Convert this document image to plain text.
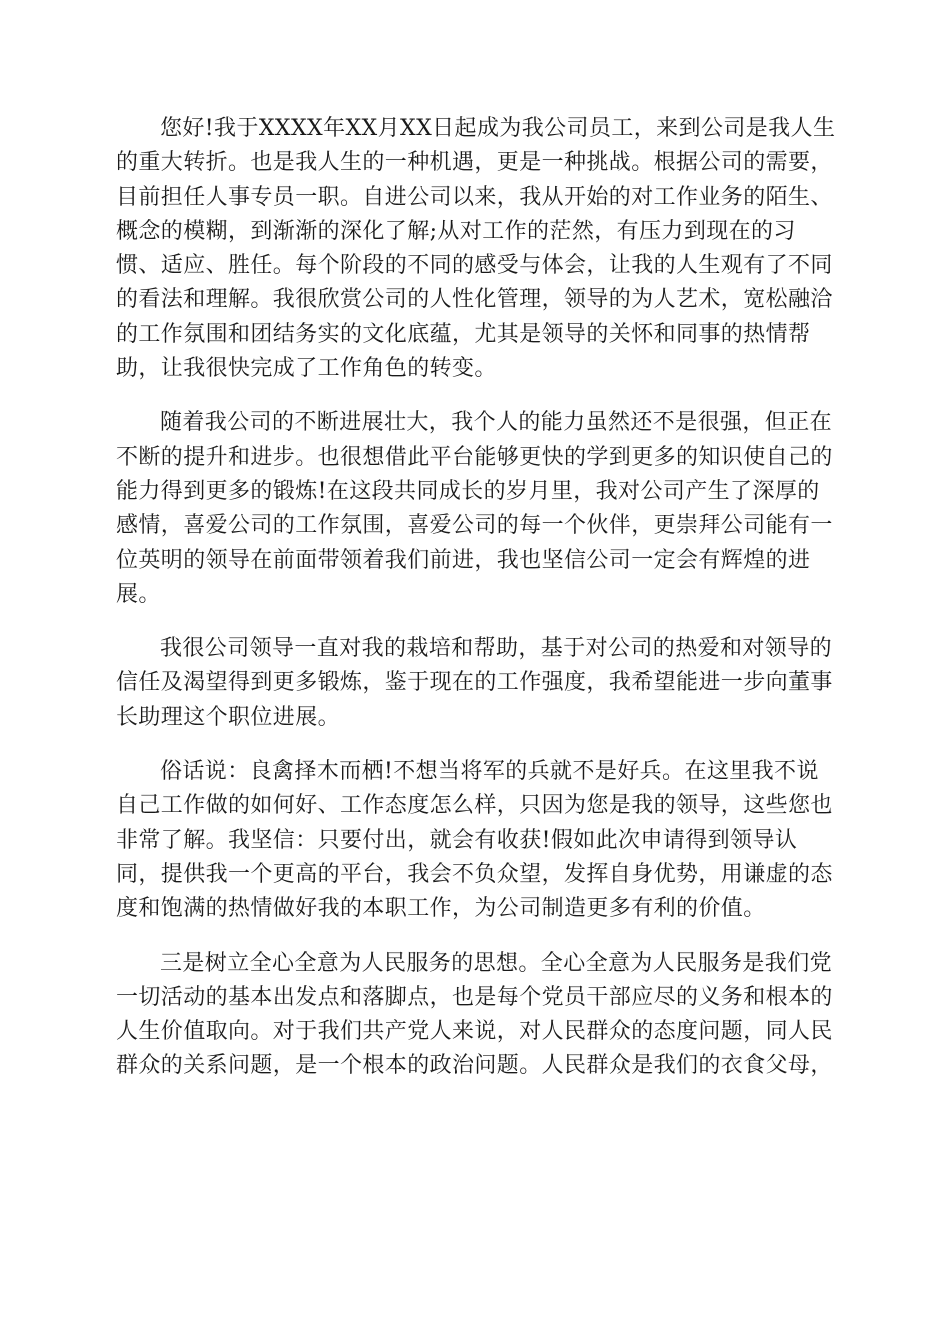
您好!我于XXXX年XX月XX日起成为我公司员工，来到公司是我人生
的重大转折。也是我人生的一种机遇，更是一种挑战。根据公司的需要，
目前担任人事专员一职。自进公司以来，我从开始的对工作业务的陌生、
概念的模糊，到渐渐的深化了解;从对工作的茫然，有压力到现在的习
惯、适应、胜任。每个阶段的不同的感受与体会，让我的人生观有了不同
的看法和理解。我很欣赏公司的人性化管理，领导的为人艺术，宽松融洽
的工作氛围和团结务实的文化底蕴，尤其是领导的关怀和同事的热情帮
助，让我很快完成了工作角色的转变。

随着我公司的不断进展壮大，我个人的能力虽然还不是很强，但正在
不断的提升和进步。也很想借此平台能够更快的学到更多的知识使自己的
能力得到更多的锻炼!在这段共同成长的岁月里，我对公司产生了深厚的
感情，喜爱公司的工作氛围，喜爱公司的每一个伙伴，更崇拜公司能有一
位英明的领导在前面带领着我们前进，我也坚信公司一定会有辉煌的进
展。

我很公司领导一直对我的栽培和帮助，基于对公司的热爱和对领导的
信任及渴望得到更多锻炼，鉴于现在的工作强度，我希望能进一步向董事
长助理这个职位进展。

俗话说：良禽择木而栖!不想当将军的兵就不是好兵。在这里我不说
自己工作做的如何好、工作态度怎么样，只因为您是我的领导，这些您也
非常了解。我坚信：只要付出，就会有收获!假如此次申请得到领导认
同，提供我一个更高的平台，我会不负众望，发挥自身优势，用谦虚的态
度和饱满的热情做好我的本职工作，为公司制造更多有利的价值。

三是树立全心全意为人民服务的思想。全心全意为人民服务是我们党
一切活动的基本出发点和落脚点，也是每个党员干部应尽的义务和根本的
人生价值取向。对于我们共产党人来说，对人民群众的态度问题，同人民
群众的关系问题，是一个根本的政治问题。人民群众是我们的衣食父母，
